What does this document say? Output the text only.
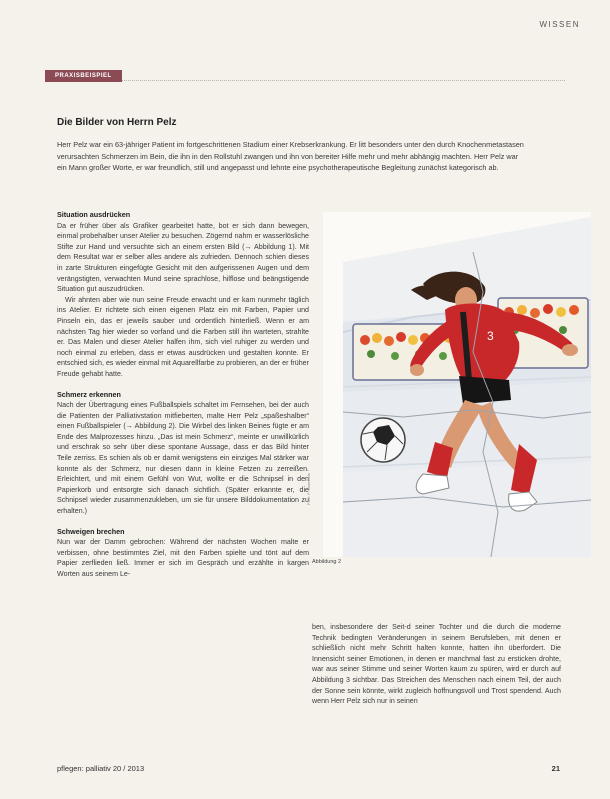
WISSEN
PRAXISBEISPIEL
Die Bilder von Herrn Pelz
Herr Pelz war ein 63-jähriger Patient im fortgeschrittenen Stadium einer Krebserkrankung. Er litt besonders unter den durch Knochenmetastasen verursachten Schmerzen im Bein, die ihn in den Rollstuhl zwangen und ihn von bereiter Hilfe mehr und mehr abhängig machten. Herr Pelz war ein Mann großer Worte, er war freundlich, still und angepasst und lehnte eine psychotherapeutische Begleitung zunächst kategorisch ab.
Situation ausdrücken

Da er früher über als Grafiker gearbeitet hatte, bot er sich dann bewegen, einmal probehalber unser Atelier zu besuchen. Zögernd nahm er wasserlösliche Stifte zur Hand und versuchte sich an einem ersten Bild (→ Abbildung 1). Mit dem Resultat war er selber alles andere als zufrieden. Dennoch schien dieses in zarte Strukturen eingefügte Gesicht mit den aufgerissenen Augen und dem verängstigten, verwachten Mund seine sprachlose, hilflose und beängstigende Situation gut auszudrücken.

Wir ahnten aber wie nun seine Freude erwacht und er kam nunmehr täglich ins Atelier. Er richtete sich einen eigenen Platz ein mit Farben, Papier und Pinseln ein, das er jeweils sauber und ordentlich hinterließ. Wenn er am nächsten Tag hier wieder so vorfand und die Farben still ihn warteten, strahlte er. Das Malen und dieser Atelier halfen ihm, sich viel ruhiger zu werden und noch einmal zu erleben, dass er etwas ausdrücken und gestalten konnte. Er entschied sich, es wieder einmal mit Aquarellfarbe zu probieren, an der er früher Freude gehabt hatte.

Schmerz erkennen

Nach der Übertragung eines Fußballspiels schaltet im Fernsehen, bei der auch die Patienten der Palliativstation mitfieberten, malte Herr Pelz „spaßeshalber“ einen Fußballspieler (→ Abbildung 2). Die Wirbel des linken Beines fügte er am Ende des Malprozesses hinzu. „Das ist mein Schmerz“, meinte er unwillkürlich und erschrak so sehr über diese spontane Aussage, dass er das Bild hinter Teile zerriss. Es schien als ob er damit wenigstens ein einziges Mal stärker war konnte als der Schmerz, nur diesen dann in kleine Fetzen zu zerreißen. Erleichtert, und mit einem Gefühl von Wut, wollte er die Schnipsel in den Papierkorb und entsorgte sich danach sichtlich. (Später erkannte er, die Schnipsel wieder zusammenzukleben, um sie für unsere Bilddokumentation zu erhalten.)

Schweigen brechen

Nun war der Damm gebrochen: Während der nächsten Wochen malte er verbissen, ohne bestimmtes Ziel, mit den Farben spielte und tönt auf dem Papier zerflieden ließ. Immer er sich im Gespräch und erzählte in kargen Worten aus seinem Le-

3
Foto: F. Eisenbeis
Abbildung 2

ben, insbesondere der Seit‑d seiner Tochter und die durch die moderne Technik bedingten Veränderungen in seinem Berufsleben, mit denen er schließlich nicht mehr Schritt halten konnte, hatten ihn überfordert. Die Innensicht seiner Emotionen, in denen er manchmal fast zu ersticken drohte, war aus seiner Stimme und seiner Worten kaum zu spüren, wird er durch auf Abbildung 3 sichtbar. Das Streichen des Menschen nach einem Teil, der auch der Sonne sein könnte, wirkt zugleich hoffnungsvoll und Trost spendend. Auch wenn Herr Pelz sich nur in seinen

pflegen: palliativ 20 / 2013	21
